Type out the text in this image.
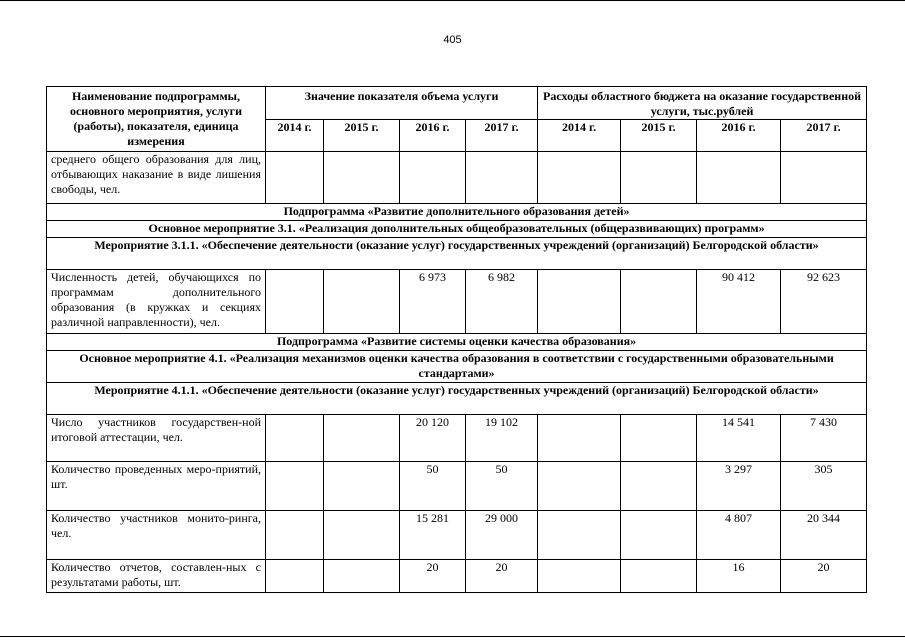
405
Наименование подпрограммы, основного мероприятия, услуги (работы), показателя, единица измерения	Значение показателя объема услуги				Расходы областного бюджета на оказание государственной услуги, тыс.рублей			
	2014 г.	2015 г.	2016 г.	2017 г.	2014 г.	2015 г.	2016 г.	2017 г.
среднего общего образования для лиц, отбывающих наказание в виде лишения свободы, чел.								
Подпрограмма «Развитие дополнительного образования детей»								
Основное мероприятие 3.1. «Реализация дополнительных общеобразовательных (общеразвивающих) программ»								
Мероприятие 3.1.1. «Обеспечение деятельности (оказание услуг) государственных учреждений (организаций) Белгородской области»								
Численность детей, обучающихся по программам дополнительного образования (в кружках и секциях различной направленности), чел.			6 973	6 982			90 412	92 623
Подпрограмма «Развитие системы оценки качества образования»								
Основное мероприятие 4.1. «Реализация механизмов оценки качества образования в соответствии с государственными образовательными стандартами»								
Мероприятие 4.1.1. «Обеспечение деятельности (оказание услуг) государственных учреждений (организаций) Белгородской области»								
Число участников государствен-ной итоговой аттестации, чел.			20 120	19 102			14 541	7 430
Количество проведенных меро-приятий, шт.			50	50			3 297	305
Количество участников монито-ринга, чел.			15 281	29 000			4 807	20 344
Количество отчетов, составлен-ных с результатами работы, шт.			20	20			16	20
